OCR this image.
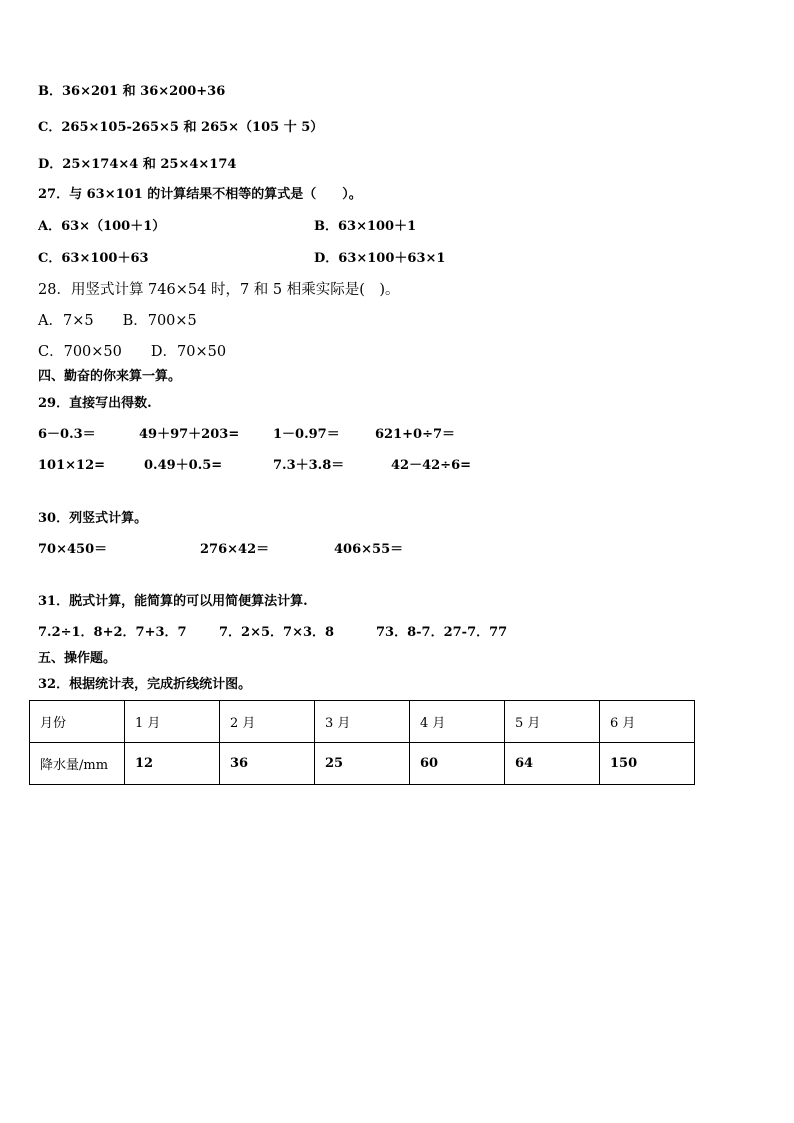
B．36×201 和 36×200+36
C．265×105-265×5 和 265×（105 十 5）
D．25×174×4 和 25×4×174
27．与 63×101 的计算结果不相等的算式是（　　）。
A．63×（100＋1）	B．63×100＋1
C．63×100＋63	D．63×100＋63×1
28．用竖式计算 746×54 时，7 和 5 相乘实际是(　)。
A．7×5　　B．700×5
C．700×50　　D．70×50
四、勤奋的你来算一算。
29．直接写出得数.
6－0.3＝	49＋97＋203=	1－0.97＝	621+0÷7＝
101×12=	0.49＋0.5=	7.3＋3.8＝	42－42÷6=
30．列竖式计算。
70×450＝	276×42＝	406×55＝
31．脱式计算，能简算的可以用简便算法计算.
7.2÷1．8+2．7+3．7 7．2×5．7×3．8	73．8-7．27-7．77
五、操作题。
32．根据统计表，完成折线统计图。
月份	1 月	2 月	3 月	4 月	5 月	6 月
降水量/mm	12	36	25	60	64	150
